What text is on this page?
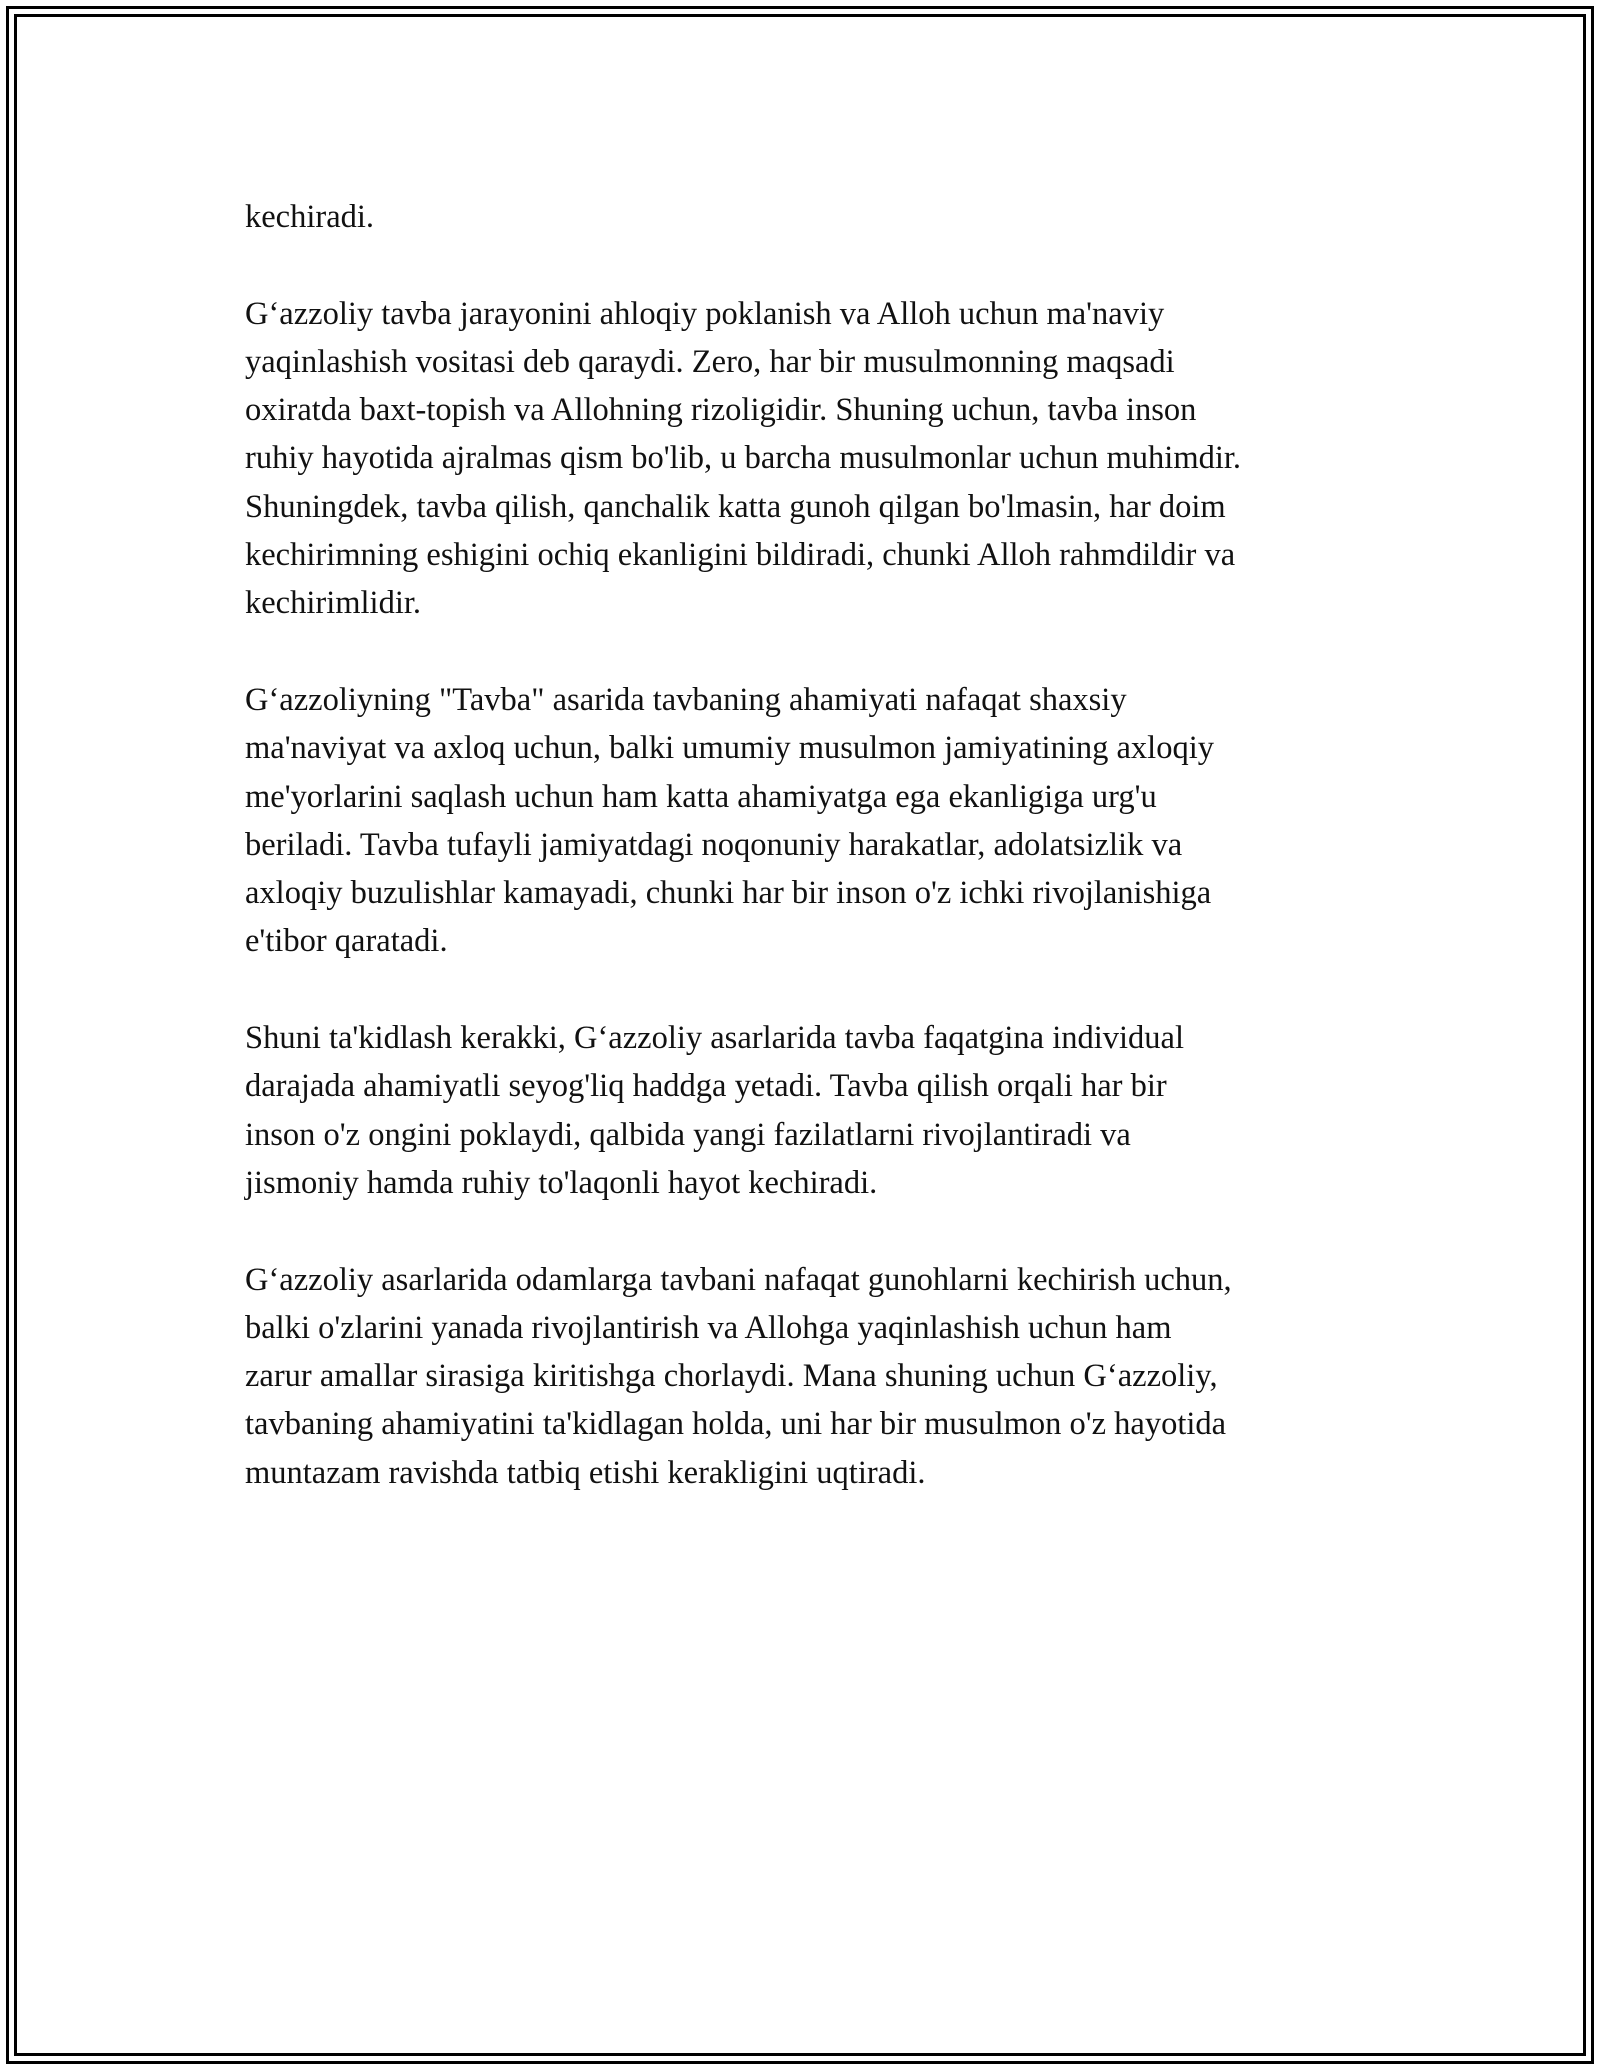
kechiradi.

G‘azzoliy tavba jarayonini ahloqiy poklanish va Alloh uchun ma'naviy
yaqinlashish vositasi deb qaraydi. Zero, har bir musulmonning maqsadi
oxiratda baxt-topish va Allohning rizoligidir. Shuning uchun, tavba inson
ruhiy hayotida ajralmas qism bo'lib, u barcha musulmonlar uchun muhimdir.
Shuningdek, tavba qilish, qanchalik katta gunoh qilgan bo'lmasin, har doim
kechirimning eshigini ochiq ekanligini bildiradi, chunki Alloh rahmdildir va
kechirimlidir.

G‘azzoliyning "Tavba" asarida tavbaning ahamiyati nafaqat shaxsiy
ma'naviyat va axloq uchun, balki umumiy musulmon jamiyatining axloqiy
me'yorlarini saqlash uchun ham katta ahamiyatga ega ekanligiga urg'u
beriladi. Tavba tufayli jamiyatdagi noqonuniy harakatlar, adolatsizlik va
axloqiy buzulishlar kamayadi, chunki har bir inson o'z ichki rivojlanishiga
e'tibor qaratadi.

Shuni ta'kidlash kerakki, G‘azzoliy asarlarida tavba faqatgina individual
darajada ahamiyatli seyog'liq haddga yetadi. Tavba qilish orqali har bir
inson o'z ongini poklaydi, qalbida yangi fazilatlarni rivojlantiradi va
jismoniy hamda ruhiy to'laqonli hayot kechiradi.

G‘azzoliy asarlarida odamlarga tavbani nafaqat gunohlarni kechirish uchun,
balki o'zlarini yanada rivojlantirish va Allohga yaqinlashish uchun ham
zarur amallar sirasiga kiritishga chorlaydi. Mana shuning uchun G‘azzoliy,
tavbaning ahamiyatini ta'kidlagan holda, uni har bir musulmon o'z hayotida
muntazam ravishda tatbiq etishi kerakligini uqtiradi.
